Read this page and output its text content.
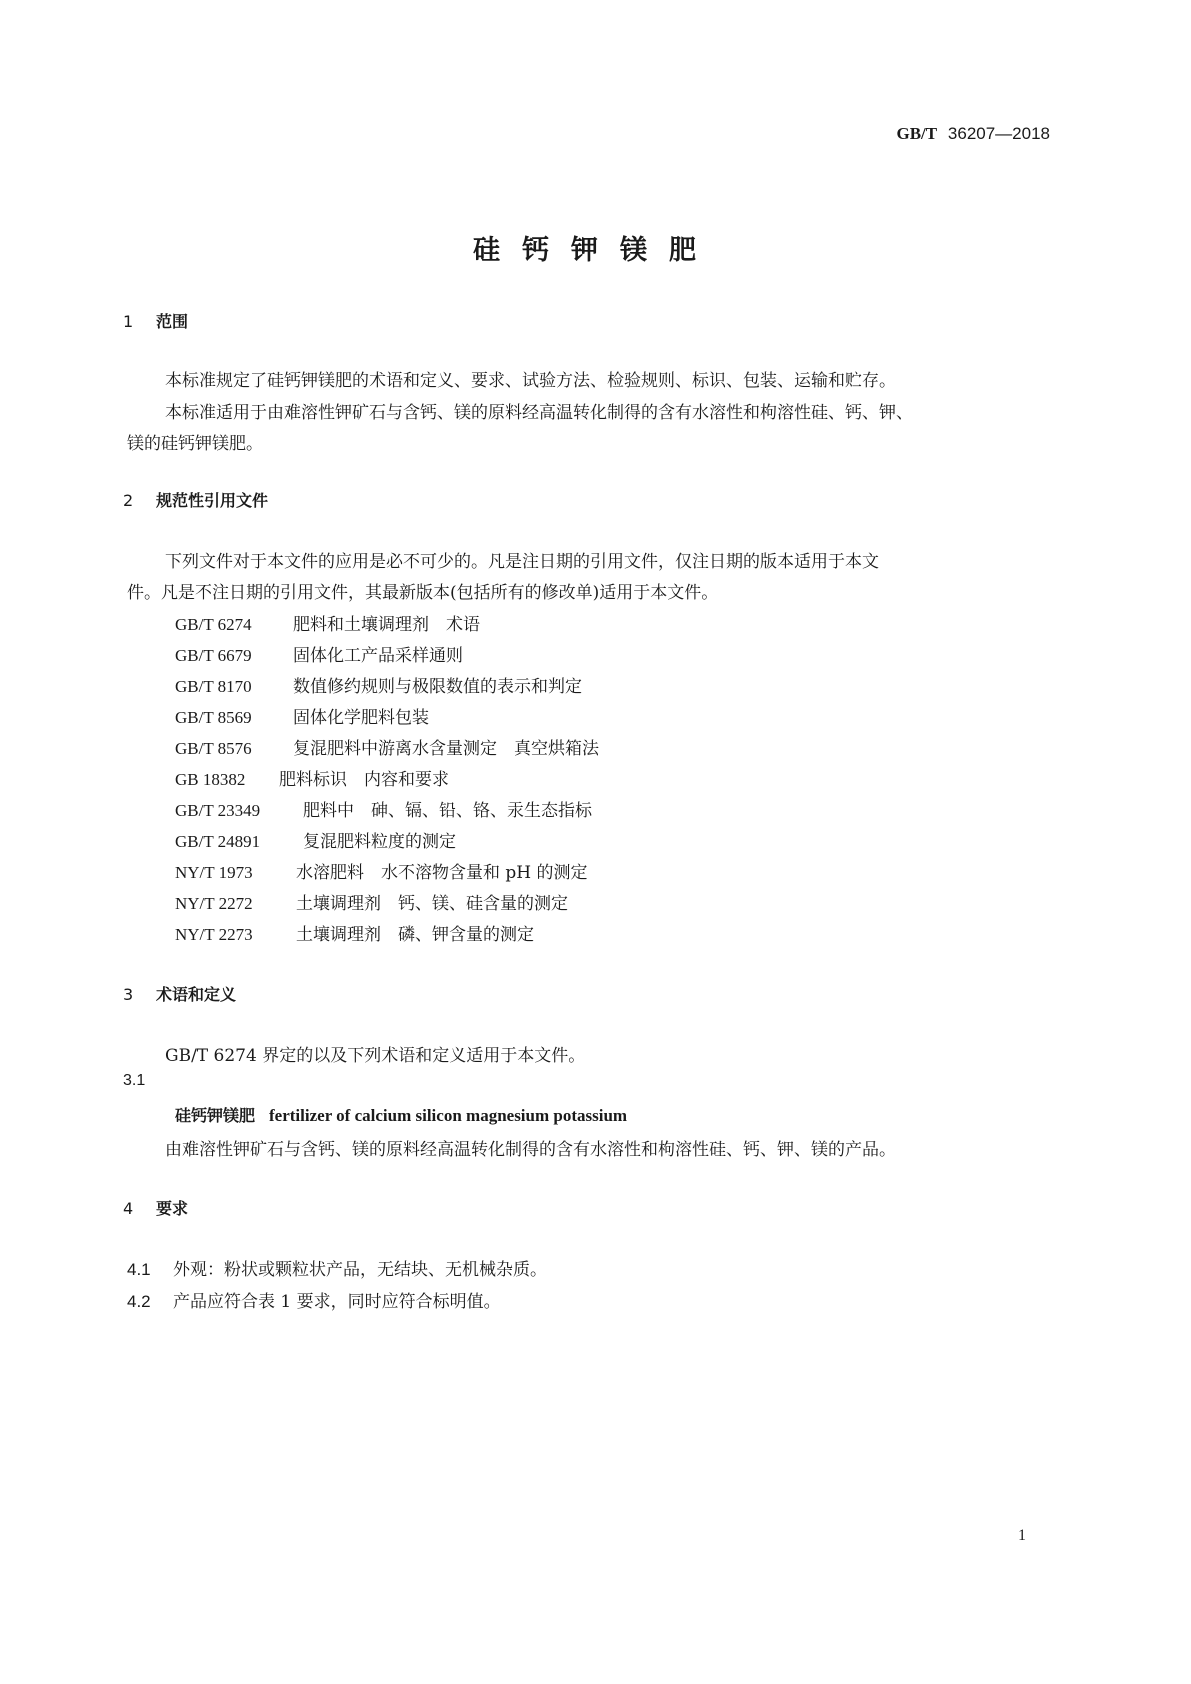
GB/T 36207—2018
硅钙钾镁肥
1 范围
本标准规定了硅钙钾镁肥的术语和定义、要求、试验方法、检验规则、标识、包装、运输和贮存。
本标准适用于由难溶性钾矿石与含钙、镁的原料经高温转化制得的含有水溶性和枸溶性硅、钙、钾、
镁的硅钙钾镁肥。
2 规范性引用文件
下列文件对于本文件的应用是必不可少的。凡是注日期的引用文件，仅注日期的版本适用于本文
件。凡是不注日期的引用文件，其最新版本(包括所有的修改单)适用于本文件。
GB/T 6274 肥料和土壤调理剂　术语
GB/T 6679 固体化工产品采样通则
GB/T 8170 数值修约规则与极限数值的表示和判定
GB/T 8569 固体化学肥料包装
GB/T 8576 复混肥料中游离水含量测定　真空烘箱法
GB 18382 肥料标识　内容和要求
GB/T 23349	肥料中　砷、镉、铅、铬、汞生态指标
GB/T 24891	复混肥料粒度的测定
NY/T 1973	水溶肥料　水不溶物含量和 pH 的测定
NY/T 2272	土壤调理剂　钙、镁、硅含量的测定
NY/T 2273	土壤调理剂　磷、钾含量的测定
3 术语和定义
GB/T 6274 界定的以及下列术语和定义适用于本文件。
3.1
硅钙钾镁肥 fertilizer of calcium silicon magnesium potassium
由难溶性钾矿石与含钙、镁的原料经高温转化制得的含有水溶性和枸溶性硅、钙、钾、镁的产品。
4 要求
4.1 外观：粉状或颗粒状产品，无结块、无机械杂质。
4.2 产品应符合表 1 要求，同时应符合标明值。
1
